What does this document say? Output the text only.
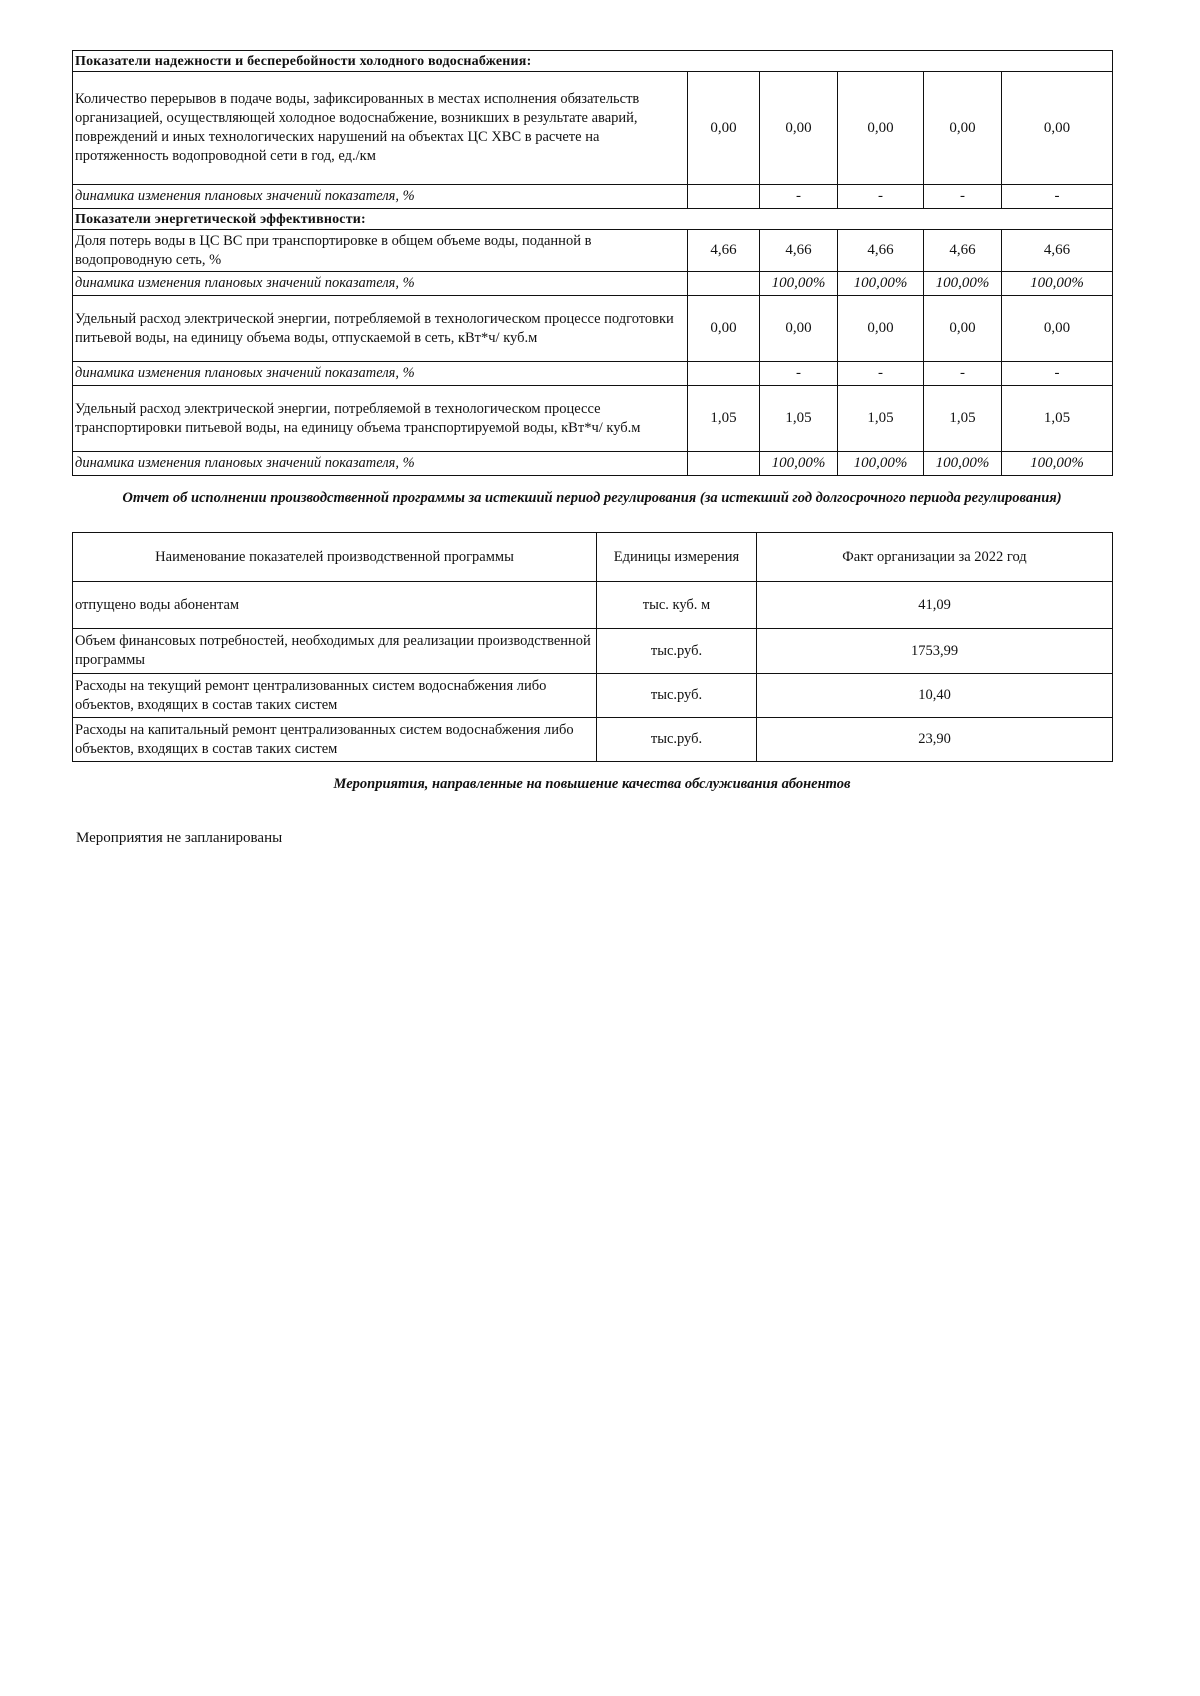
Показатели надежности и бесперебойности холодного водоснабжения:					
Количество перерывов в подаче воды, зафиксированных в местах исполнения обязательств организацией, осуществляющей холодное водоснабжение, возникших в результате аварий, повреждений и иных технологических нарушений на объектах ЦС ХВС в расчете на протяженность водопроводной сети в год, ед./км	0,00	0,00	0,00	0,00	0,00
динамика изменения плановых значений показателя, %		-	-	-	-
Показатели энергетической эффективности:					
Доля потерь воды в ЦС ВС при транспортировке в общем объеме воды, поданной в водопроводную сеть, %	4,66	4,66	4,66	4,66	4,66
динамика изменения плановых значений показателя, %		100,00%	100,00%	100,00%	100,00%
Удельный расход электрической энергии, потребляемой в технологическом процессе подготовки питьевой воды, на единицу объема воды, отпускаемой в сеть, кВт*ч/ куб.м	0,00	0,00	0,00	0,00	0,00
динамика изменения плановых значений показателя, %		-	-	-	-
Удельный расход электрической энергии, потребляемой в технологическом процессе транспортировки питьевой воды, на единицу объема транспортируемой воды, кВт*ч/ куб.м	1,05	1,05	1,05	1,05	1,05
динамика изменения плановых значений показателя, %		100,00%	100,00%	100,00%	100,00%
Отчет об исполнении производственной программы за истекший период регулирования (за истекший год долгосрочного периода регулирования)
Наименование показателей производственной программы	Единицы измерения	Факт организации за 2022 год
отпущено воды абонентам	тыс. куб. м	41,09
Объем финансовых потребностей, необходимых для реализации производственной программы	тыс.руб.	1753,99
Расходы на текущий ремонт централизованных систем водоснабжения либо объектов, входящих в состав таких систем	тыс.руб.	10,40
Расходы на капитальный ремонт централизованных систем водоснабжения либо объектов, входящих в состав таких систем	тыс.руб.	23,90
Мероприятия, направленные на повышение качества обслуживания абонентов
Мероприятия не запланированы
